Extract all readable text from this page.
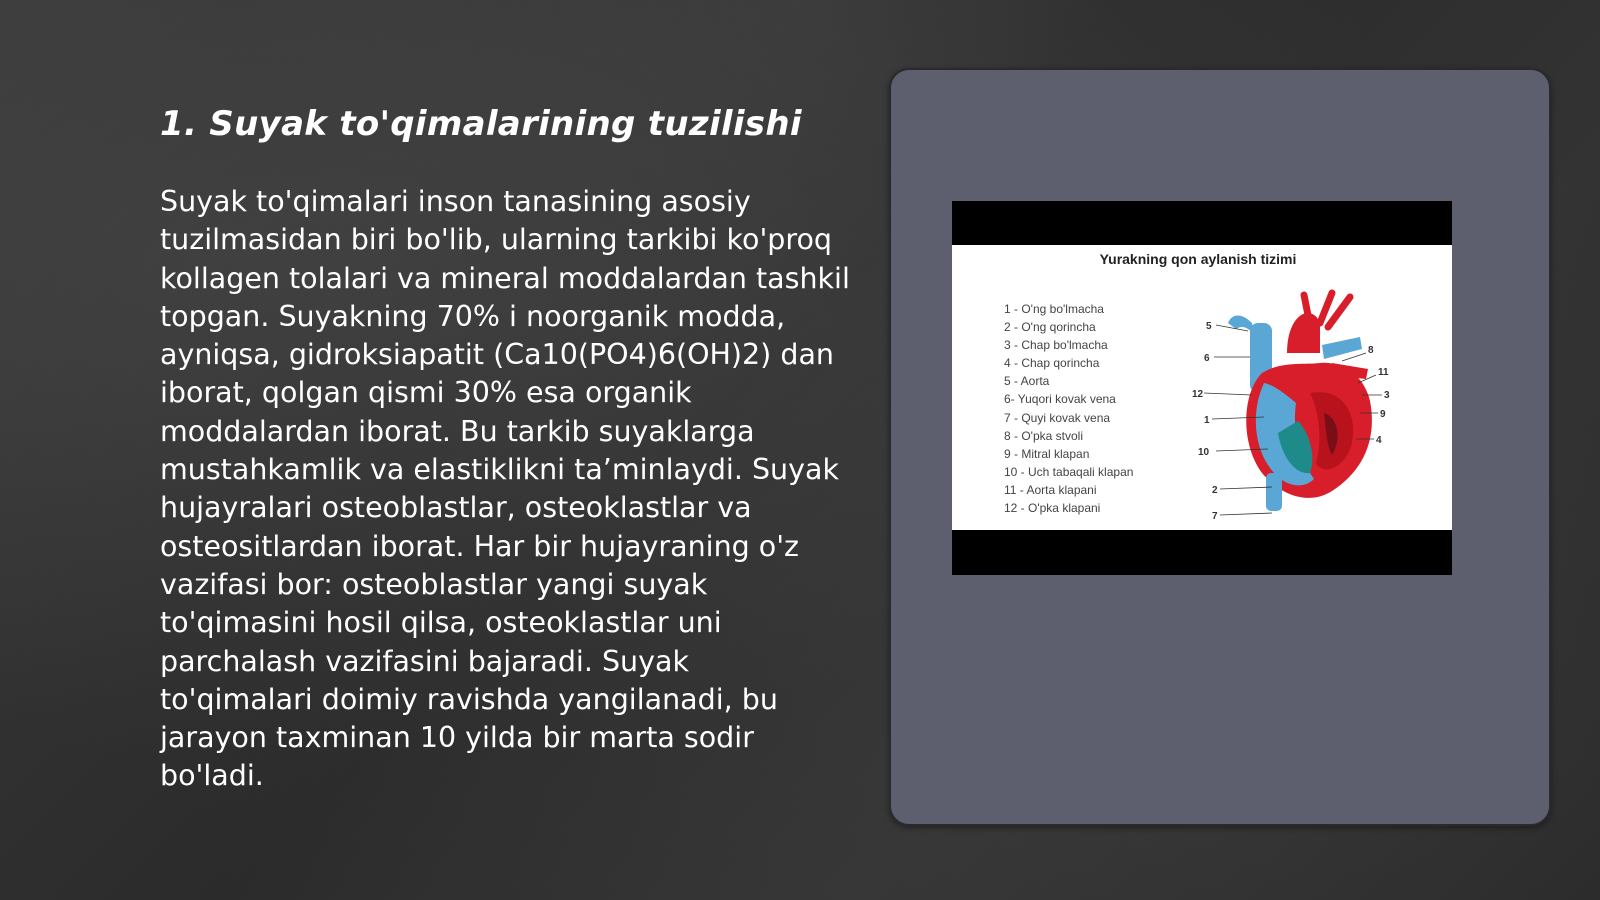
1. Suyak to'qimalarining tuzilishi

Suyak to'qimalari inson tanasining asosiy tuzilmasidan biri bo'lib, ularning tarkibi ko'proq kollagen tolalari va mineral moddalardan tashkil topgan. Suyakning 70% i noorganik modda, ayniqsa, gidroksiapatit (Ca10(PO4)6(OH)2) dan iborat, qolgan qismi 30% esa organik moddalardan iborat. Bu tarkib suyaklarga mustahkamlik va elastiklikni ta’minlaydi. Suyak hujayralari osteoblastlar, osteoklastlar va osteositlardan iborat. Har bir hujayraning o'z vazifasi bor: osteoblastlar yangi suyak to'qimasini hosil qilsa, osteoklastlar uni parchalash vazifasini bajaradi. Suyak to'qimalari doimiy ravishda yangilanadi, bu jarayon taxminan 10 yilda bir marta sodir bo'ladi.

Yurakning qon aylanish tizimi
1 - O'ng bo'lmacha
2 - O'ng qorincha
3 - Chap bo'lmacha
4 - Chap qorincha
5 - Aorta
6- Yuqori kovak vena
7 - Quyi kovak vena
8 - O'pka stvoli
9 - Mitral klapan
10 - Uch tabaqali klapan
11 - Aorta klapani
12 - O'pka klapani
5
6
12
1
10
2
7
8
11
3
9
4
